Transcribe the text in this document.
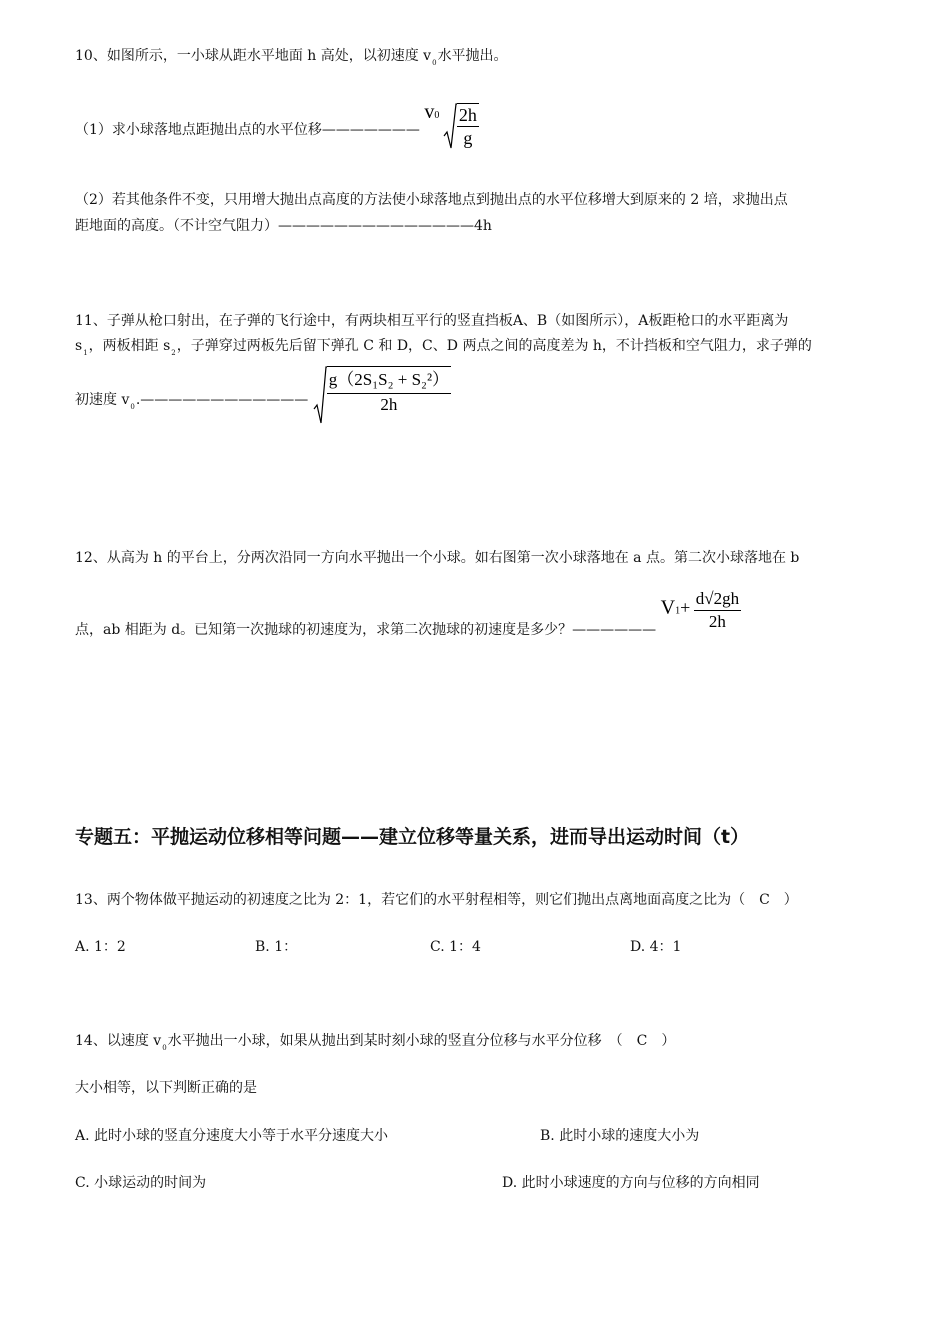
10、如图所示，一小球从距水平地面 h 高处，以初速度 $v_0$水平抛出。
（1）求小球落地点距抛出点的水平位移——————— $v0 \frac{2h}{g}$
（2）若其他条件不变，只用增大抛出点高度的方法使小球落地点到抛出点的水平位移增大到原来的 2 培，求抛出点
距地面的高度。（不计空气阻力）——————————————4h
11、子弹从枪口射出，在子弹的飞行途中，有两块相互平行的竖直挡板A、B（如图所示），A板距枪口的水平距离为
$s_1$，两板相距 $s_2$，子弹穿过两板先后留下弹孔 C 和 D，C、D 两点之间的高度差为 h，不计挡板和空气阻力，求子弹的
初速度 $v_0.———————————— \frac{\text{g（2S₁S₂ + S₂²）}}{2h}$
12、从高为 h 的平台上，分两次沿同一方向水平抛出一个小球。如右图第一次小球落地在 a 点。第二次小球落地在 b
点，ab 相距为 d。已知第一次抛球的初速度为，求第二次抛球的初速度是多少？—————— $V1+ \frac{d√2gh}{2h}$
专题五：平抛运动位移相等问题——建立位移等量关系，进而导出运动时间（t）
13、两个物体做平抛运动的初速度之比为 2：1，若它们的水平射程相等，则它们抛出点离地面高度之比为（　C　）
A. 1：2	B. 1：	C. 1：4	D. 4：1
14、以速度 $v_0$水平抛出一小球，如果从抛出到某时刻小球的竖直分位移与水平分位移　（　C　）
大小相等，以下判断正确的是
A. 此时小球的竖直分速度大小等于水平分速度大小	B. 此时小球的速度大小为
C. 小球运动的时间为	D. 此时小球速度的方向与位移的方向相同
